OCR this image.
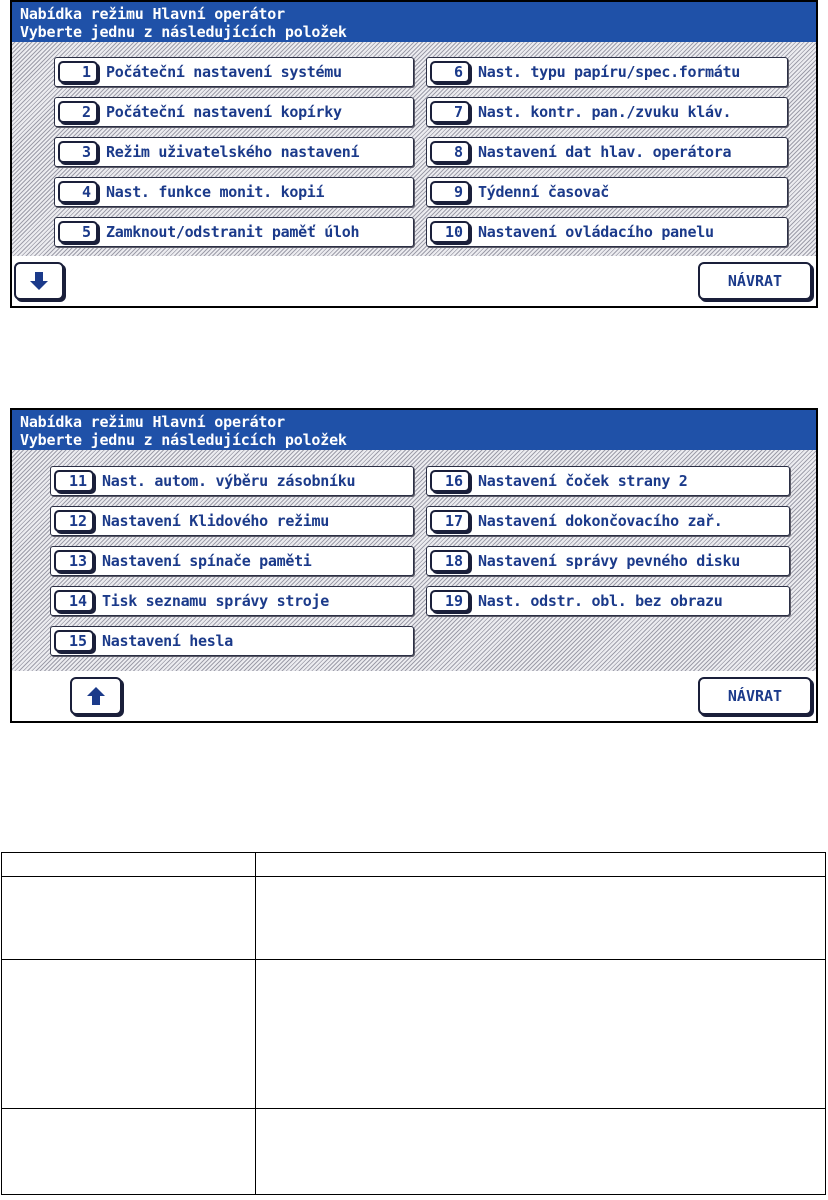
Nabídka režimu Hlavní operátor
Vyberte jednu z následujících položek
1	Počáteční nastavení systému
2	Počáteční nastavení kopírky
3	Režim uživatelského nastavení
4	Nast. funkce monit. kopií
5	Zamknout/odstranit paměť úloh
6	Nast. typu papíru/spec.formátu
7	Nast. kontr. pan./zvuku kláv.
8	Nastavení dat hlav. operátora
9	Týdenní časovač
10	Nastavení ovládacího panelu
NÁVRAT
Nabídka režimu Hlavní operátor
Vyberte jednu z následujících položek
11	Nast. autom. výběru zásobníku
12	Nastavení Klidového režimu
13	Nastavení spínače paměti
14	Tisk seznamu správy stroje
15	Nastavení hesla
16	Nastavení čoček strany 2
17	Nastavení dokončovacího zař.
18	Nastavení správy pevného disku
19	Nast. odstr. obl. bez obrazu
NÁVRAT
